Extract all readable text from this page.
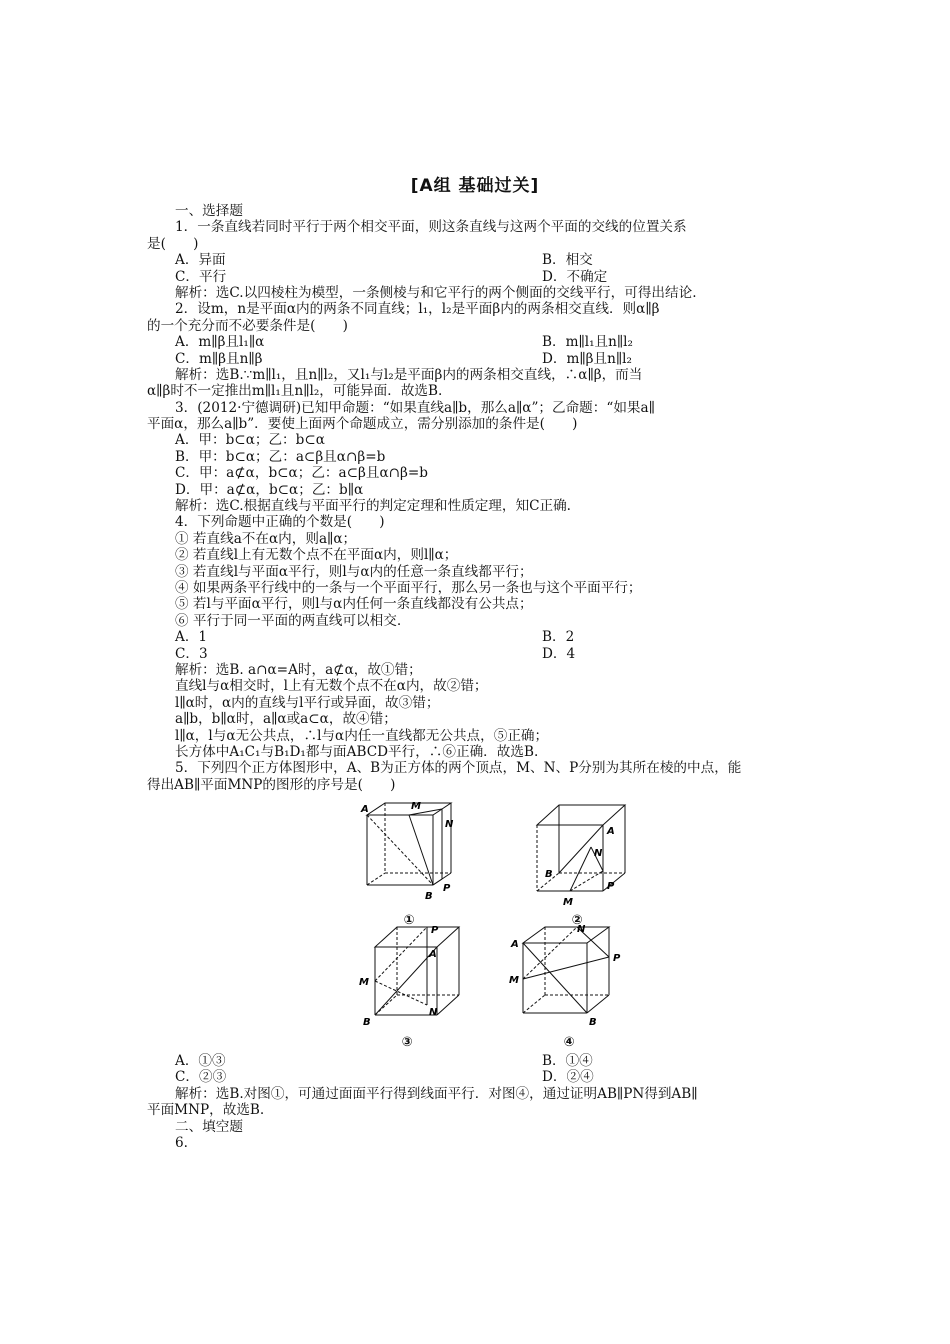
[A组 基础过关]
一、选择题
1．一条直线若同时平行于两个相交平面，则这条直线与这两个平面的交线的位置关系
是(　　)
A．异面	B．相交
C．平行	D．不确定
解析：选C.以四棱柱为模型，一条侧棱与和它平行的两个侧面的交线平行，可得出结论.
2．设m，n是平面α内的两条不同直线；l₁，l₂是平面β内的两条相交直线．则α∥β
的一个充分而不必要条件是(　　)
A．m∥β且l₁∥α	B．m∥l₁且n∥l₂
C．m∥β且n∥β	D．m∥β且n∥l₂
解析：选B.∵m∥l₁，且n∥l₂，又l₁与l₂是平面β内的两条相交直线，∴α∥β，而当
α∥β时不一定推出m∥l₁且n∥l₂，可能异面．故选B.
3．(2012·宁德调研)已知甲命题：“如果直线a∥b，那么a∥α”；乙命题：“如果a∥
平面α，那么a∥b”．要使上面两个命题成立，需分别添加的条件是(　　)
A．甲：b⊂α；乙：b⊂α
B．甲：b⊂α；乙：a⊂β且α∩β=b
C．甲：a⊄α，b⊂α；乙：a⊂β且α∩β=b
D．甲：a⊄α，b⊂α；乙：b∥α
解析：选C.根据直线与平面平行的判定定理和性质定理，知C正确.
4．下列命题中正确的个数是(　　)
① 若直线a不在α内，则a∥α；
② 若直线l上有无数个点不在平面α内，则l∥α；
③ 若直线l与平面α平行，则l与α内的任意一条直线都平行；
④ 如果两条平行线中的一条与一个平面平行，那么另一条也与这个平面平行；
⑤ 若l与平面α平行，则l与α内任何一条直线都没有公共点；
⑥ 平行于同一平面的两直线可以相交.
A．1	B．2
C．3	D．4
解析：选B. a∩α=A时，a⊄α，故①错；
直线l与α相交时，l上有无数个点不在α内，故②错；
l∥α时，α内的直线与l平行或异面，故③错；
a∥b，b∥α时，a∥α或a⊂α，故④错；
l∥α，l与α无公共点，∴l与α内任一直线都无公共点，⑤正确；
长方体中A₁C₁与B₁D₁都与面ABCD平行，∴⑥正确．故选B.
5．下列四个正方体图形中，A、B为正方体的两个顶点，M、N、P分别为其所在棱的中点，能
得出AB∥平面MNP的图形的序号是(　　)
A	M
N
B
P
①
A
N
B
M
P
②
P
A
M
N
B
③
N
A
P
M
B
④
A．①③	B．①④
C．②③	D．②④
解析：选B.对图①，可通过面面平行得到线面平行．对图④，通过证明AB∥PN得到AB∥
平面MNP，故选B.
二、填空题
6.
